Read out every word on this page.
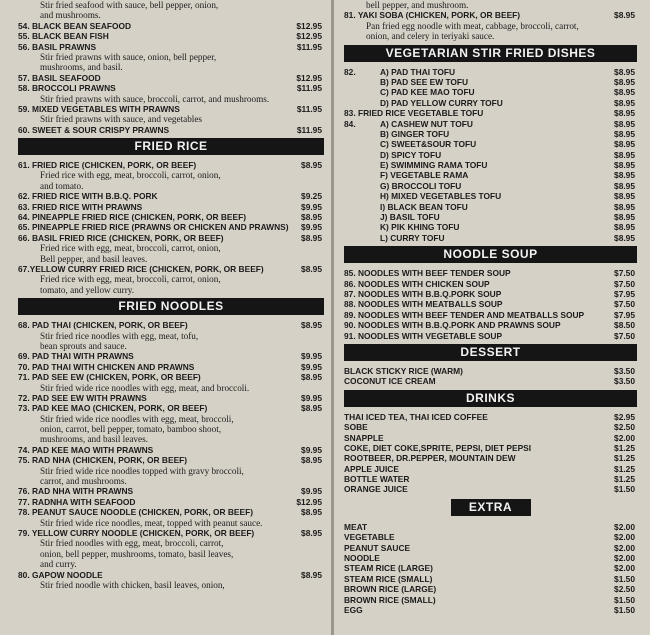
Stir fried seafood with sauce, bell pepper, onion,
and mushrooms.
54. BLACK BEAN SEAFOOD	$12.95
55. BLACK BEAN FISH	$12.95
56. BASIL PRAWNS	$11.95
Stir fried prawns with sauce, onion, bell pepper,
mushrooms, and basil.
57. BASIL SEAFOOD	$12.95
58. BROCCOLI PRAWNS	$11.95
Stir fried prawns with sauce, broccoli, carrot, and mushrooms.
59. MIXED VEGETABLES WITH PRAWNS	$11.95
Stir fried prawns with sauce, and vegetables
60. SWEET & SOUR CRISPY PRAWNS	$11.95
FRIED RICE
61. FRIED RICE (CHICKEN, PORK, OR BEEF)	$8.95
Fried rice with egg, meat, broccoli, carrot, onion,
and tomato.
62. FRIED RICE WITH B.B.Q. PORK	$9.25
63. FRIED RICE WITH PRAWNS	$9.95
64. PINEAPPLE FRIED RICE (CHICKEN, PORK, OR BEEF)	$8.95
65. PINEAPPLE FRIED RICE (PRAWNS OR CHICKEN AND PRAWNS) $9.95
66. BASIL FRIED RICE (CHICKEN, PORK, OR BEEF)	$8.95
Fried rice with egg, meat, broccoli, carrot, onion,
Bell pepper, and basil leaves.
67.YELLOW CURRY FRIED RICE (CHICKEN, PORK, OR BEEF)	$8.95
Fried rice with egg, meat, broccoli, carrot, onion,
tomato, and yellow curry.
FRIED NOODLES
68. PAD THAI (CHICKEN, PORK, OR BEEF)	$8.95
Stir fried rice noodles with egg, meat, tofu,
bean sprouts and sauce.
69. PAD THAI WITH PRAWNS	$9.95
70. PAD THAI WITH CHICKEN AND PRAWNS	$9.95
71. PAD SEE EW (CHICKEN, PORK, OR BEEF)	$8.95
Stir fried wide rice noodles with egg, meat, and broccoli.
72. PAD SEE EW WITH PRAWNS	$9.95
73. PAD KEE MAO (CHICKEN, PORK, OR BEEF)	$8.95
Stir fried wide rice noodles with egg, meat, broccoli,
onion, carrot, bell pepper, tomato, bamboo shoot,
mushrooms, and basil leaves.
74. PAD KEE MAO WITH PRAWNS	$9.95
75. RAD NHA (CHICKEN, PORK, OR BEEF)	$8.95
Stir fried wide rice noodles topped with gravy broccoli,
carrot, and mushrooms.
76. RAD NHA WITH PRAWNS	$9.95
77. RADNHA WITH SEAFOOD	$12.95
78. PEANUT SAUCE NOODLE (CHICKEN, PORK, OR BEEF)	$8.95
Stir fried wide rice noodles, meat, topped with peanut sauce.
79. YELLOW CURRY NOODLE (CHICKEN, PORK, OR BEEF)	$8.95
Stir fried noodles with egg, meat, broccoli, carrot,
onion, bell pepper, mushrooms, tomato, basil leaves,
and curry.
80. GAPOW NOODLE	$8.95
Stir fried noodle with chicken, basil leaves, onion,
bell pepper, and mushroom.
81. YAKI SOBA (CHICKEN, PORK, OR BEEF)	$8.95
Pan fried egg noodle with meat, cabbage, broccoli, carrot,
onion, and celery in teriyaki sauce.
VEGETARIAN STIR FRIED DISHES
82.	A) PAD THAI TOFU	$8.95
B) PAD SEE EW TOFU	$8.95
C) PAD KEE MAO TOFU	$8.95
D) PAD YELLOW CURRY TOFU	$8.95
83. FRIED RICE VEGETABLE TOFU	$8.95
84.	A) CASHEW NUT TOFU	$8.95
B) GINGER TOFU	$8.95
C) SWEET&SOUR TOFU	$8.95
D) SPICY TOFU	$8.95
E) SWIMMING RAMA TOFU	$8.95
F) VEGETABLE RAMA	$8.95
G) BROCCOLI TOFU	$8.95
H) MIXED VEGETABLES TOFU	$8.95
I) BLACK BEAN TOFU	$8.95
J) BASIL TOFU	$8.95
K) PIK KHING TOFU	$8.95
L) CURRY TOFU	$8.95
NOODLE SOUP
85. NOODLES WITH BEEF TENDER SOUP	$7.50
86. NOODLES WITH CHICKEN SOUP	$7.50
87. NOODLES WITH B.B.Q.PORK SOUP	$7.95
88. NOODLES WITH MEATBALLS SOUP	$7.50
89. NOODLES WITH BEEF TENDER AND MEATBALLS SOUP	$7.95
90. NOODLES WITH B.B.Q.PORK AND PRAWNS SOUP	$8.50
91. NOODLES WITH VEGETABLE SOUP	$7.50
DESSERT
BLACK STICKY RICE (WARM)	$3.50
COCONUT ICE CREAM	$3.50
DRINKS
THAI ICED TEA, THAI ICED COFFEE	$2.95
SOBE	$2.50
SNAPPLE	$2.00
COKE, DIET COKE,SPRITE, PEPSI, DIET PEPSI	$1.25
ROOTBEER, DR.PEPPER, MOUNTAIN DEW	$1.25
APPLE JUICE	$1.25
BOTTLE WATER	$1.25
ORANGE JUICE	$1.50
EXTRA
MEAT	$2.00
VEGETABLE	$2.00
PEANUT SAUCE	$2.00
NOODLE	$2.00
STEAM RICE (LARGE)	$2.00
STEAM RICE (SMALL)	$1.50
BROWN RICE (LARGE)	$2.50
BROWN RICE (SMALL)	$1.50
EGG	$1.50
